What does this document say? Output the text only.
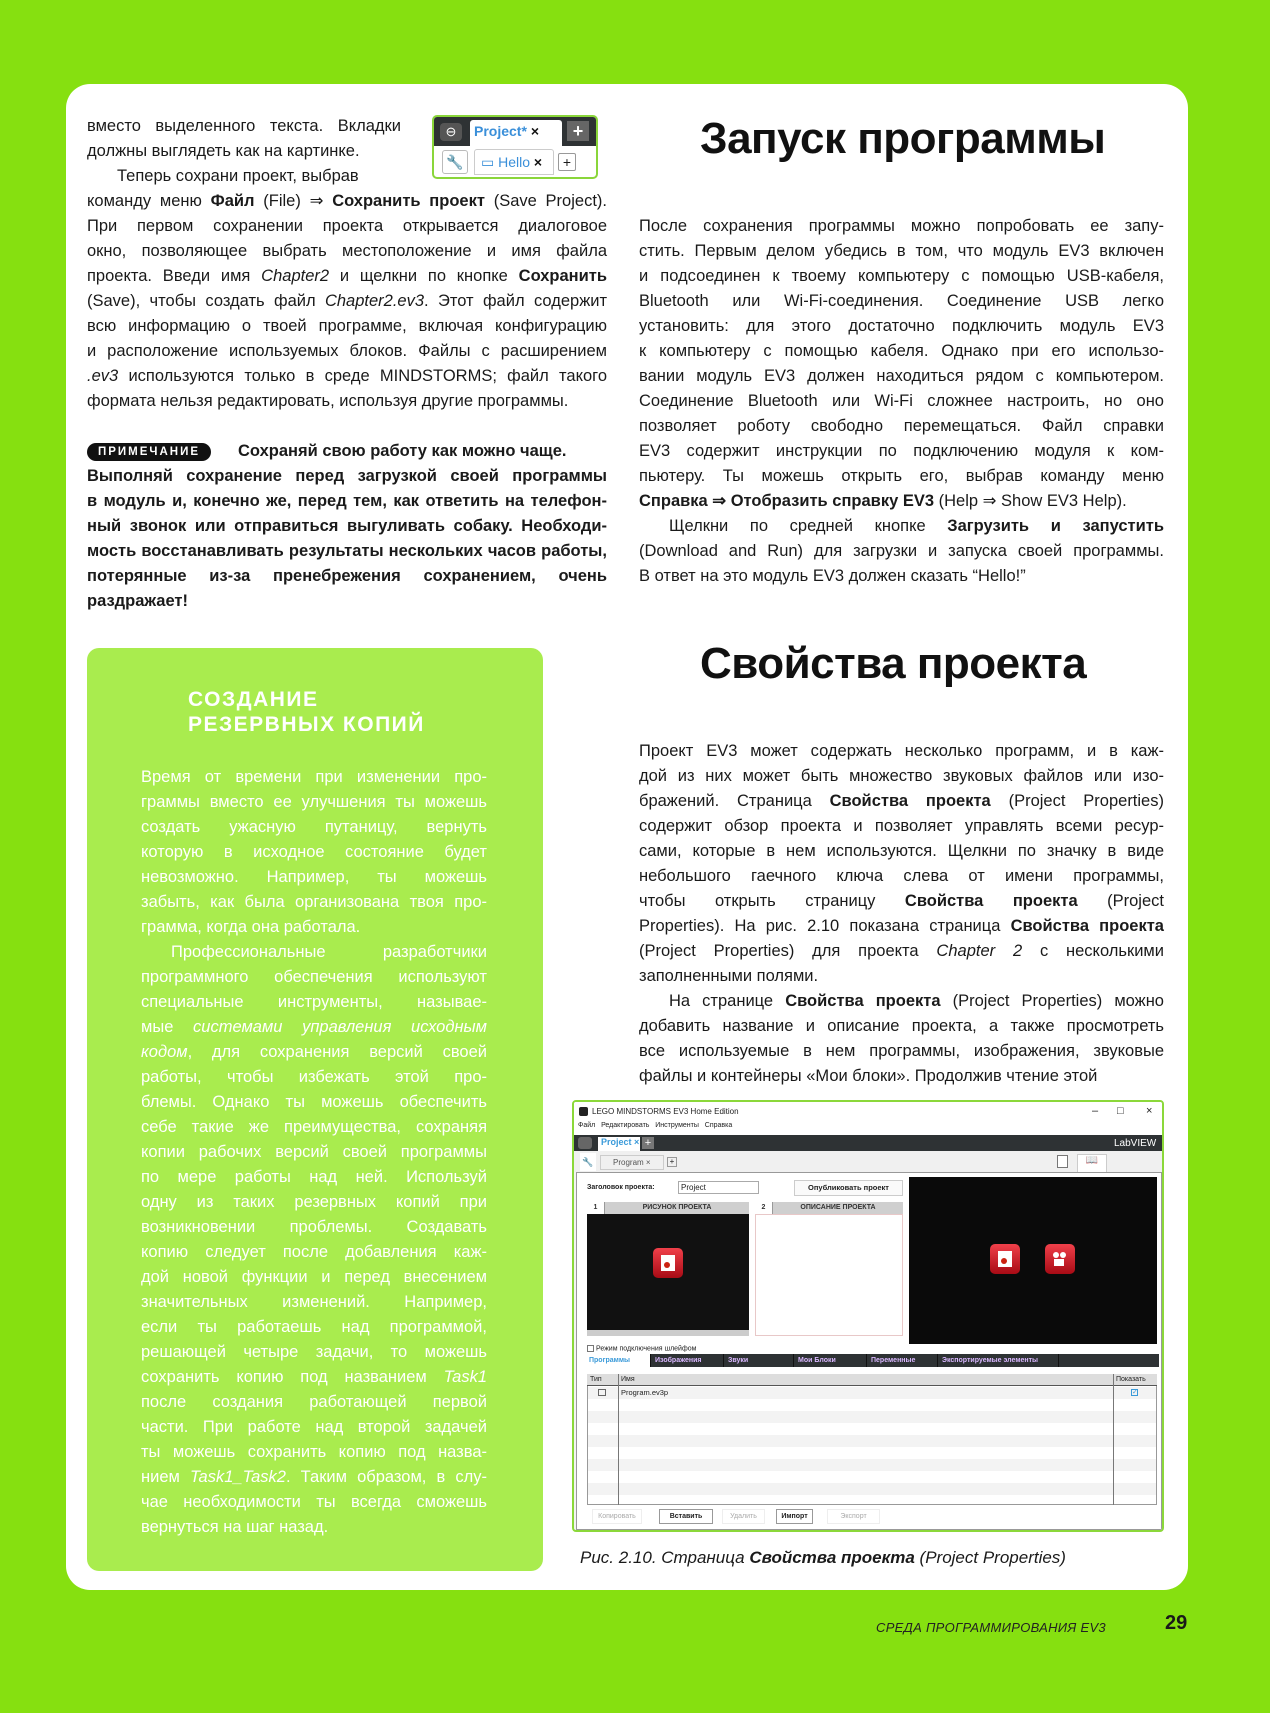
⊖	Project* ×	+
🔧	▭ Hello ×	+
вместо выделенного текста. Вкладки
должны выглядеть как на картинке.
Теперь сохрани проект, выбрав
команду меню Файл (File) ⇒ Сохранить проект (Save Project).
При первом сохранении проекта открывается диалоговое
окно, позволяющее выбрать местоположение и имя файла
проекта. Введи имя Chapter2 и щелкни по кнопке Сохранить
(Save), чтобы создать файл Chapter2.ev3. Этот файл содержит
всю информацию о твоей программе, включая конфигурацию
и расположение используемых блоков. Файлы с расширением
.ev3 используются только в среде MINDSTORMS; файл такого
формата нельзя редактировать, используя другие программы.
ПРИМЕЧАНИЕ	Сохраняй свою работу как можно чаще.
Выполняй сохранение перед загрузкой своей программы
в модуль и, конечно же, перед тем, как ответить на телефон-
ный звонок или отправиться выгуливать собаку. Необходи-
мость восстанавливать результаты нескольких часов работы,
потерянные из-за пренебрежения сохранением, очень
раздражает!
СОЗДАНИЕ
РЕЗЕРВНЫХ КОПИЙ
Время от времени при изменении про-
граммы вместо ее улучшения ты можешь
создать ужасную путаницу, вернуть
которую в исходное состояние будет
невозможно. Например, ты можешь
забыть, как была организована твоя про-
грамма, когда она работала.
Профессиональные разработчики
программного обеспечения используют
специальные инструменты, называе-
мые системами управления исходным
кодом, для сохранения версий своей
работы, чтобы избежать этой про-
блемы. Однако ты можешь обеспечить
себе такие же преимущества, сохраняя
копии рабочих версий своей программы
по мере работы над ней. Используй
одну из таких резервных копий при
возникновении проблемы. Создавать
копию следует после добавления каж-
дой новой функции и перед внесением
значительных изменений. Например,
если ты работаешь над программой,
решающей четыре задачи, то можешь
сохранить копию под названием Task1
после создания работающей первой
части. При работе над второй задачей
ты можешь сохранить копию под назва-
нием Task1_Task2. Таким образом, в слу-
чае необходимости ты всегда сможешь
вернуться на шаг назад.
Запуск программы
После сохранения программы можно попробовать ее запу-
стить. Первым делом убедись в том, что модуль EV3 включен
и подсоединен к твоему компьютеру с помощью USB-кабеля,
Bluetooth или Wi-Fi-соединения. Соединение USB легко
установить: для этого достаточно подключить модуль EV3
к компьютеру с помощью кабеля. Однако при его использо-
вании модуль EV3 должен находиться рядом с компьютером.
Соединение Bluetooth или Wi-Fi сложнее настроить, но оно
позволяет роботу свободно перемещаться. Файл справки
EV3 содержит инструкции по подключению модуля к ком-
пьютеру. Ты можешь открыть его, выбрав команду меню
Справка ⇒ Отобразить справку EV3 (Help ⇒ Show EV3 Help).
Щелкни по средней кнопке Загрузить и запустить
(Download and Run) для загрузки и запуска своей программы.
В ответ на это модуль EV3 должен сказать “Hello!”
Свойства проекта
Проект EV3 может содержать несколько программ, и в каж-
дой из них может быть множество звуковых файлов или изо-
бражений. Страница Свойства проекта (Project Properties)
содержит обзор проекта и позволяет управлять всеми ресур-
сами, которые в нем используются. Щелкни по значку в виде
небольшого гаечного ключа слева от имени программы,
чтобы открыть страницу Свойства проекта (Project
Properties). На рис. 2.10 показана страница Свойства проекта
(Project Properties) для проекта Chapter 2 с несколькими
заполненными полями.
На странице Свойства проекта (Project Properties) можно
добавить название и описание проекта, а также просмотреть
все используемые в нем программы, изображения, звуковые
файлы и контейнеры «Мои блоки». Продолжив чтение этой
LEGO MINDSTORMS EV3 Home Edition	– □ ×
Файл Редактировать Инструменты Справка
Project × +	LabVIEW
🔧	Program ×	+	📖
Заголовок проекта:	Project	Опубликовать проект
1	РИСУНОК ПРОЕКТА	2	ОПИСАНИЕ ПРОЕКТА
Режим подключения шлейфом
Программы	Изображения	Звуки	Мои Блоки	Переменные	Экспортируемые элементы
Тип	Имя	Показать
Program.ev3p	✓
Копировать	Вставить	Удалить	Импорт	Экспорт
Рис. 2.10. Страница Свойства проекта (Project Properties)
СРЕДА ПРОГРАММИРОВАНИЯ EV3	29
